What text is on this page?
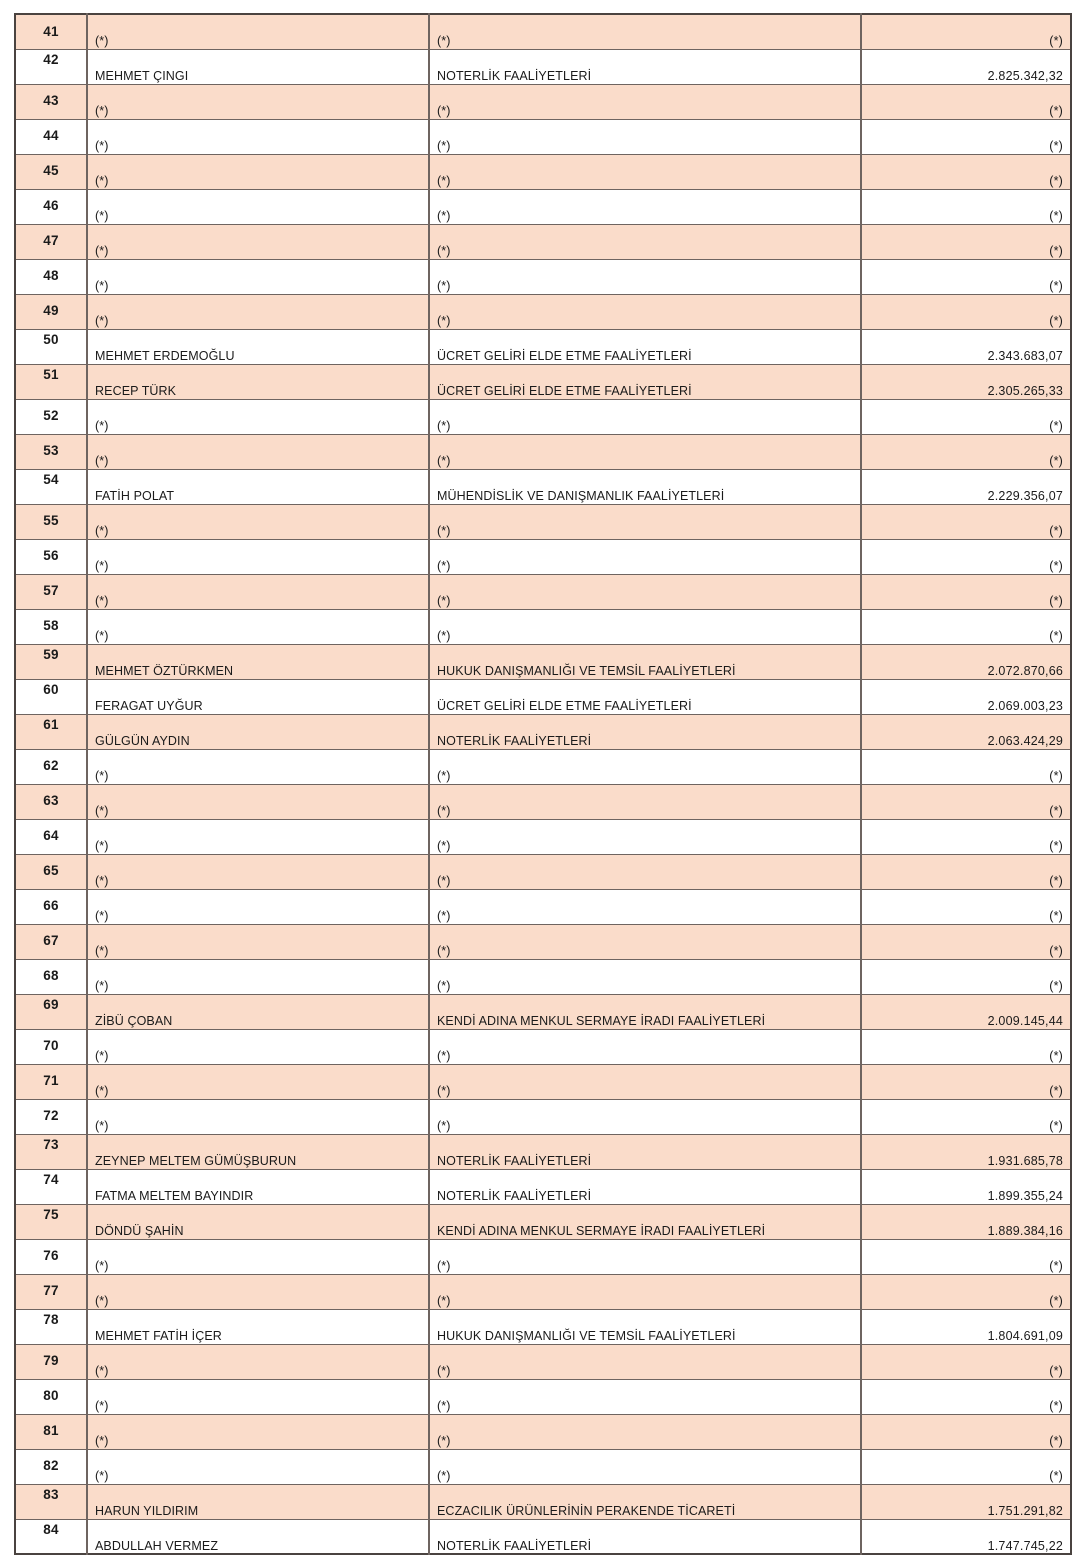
41	(*)	(*)	(*)
42	MEHMET ÇINGI	NOTERLİK FAALİYETLERİ	2.825.342,32
43	(*)	(*)	(*)
44	(*)	(*)	(*)
45	(*)	(*)	(*)
46	(*)	(*)	(*)
47	(*)	(*)	(*)
48	(*)	(*)	(*)
49	(*)	(*)	(*)
50	MEHMET ERDEMOĞLU	ÜCRET GELİRİ ELDE ETME FAALİYETLERİ	2.343.683,07
51	RECEP TÜRK	ÜCRET GELİRİ ELDE ETME FAALİYETLERİ	2.305.265,33
52	(*)	(*)	(*)
53	(*)	(*)	(*)
54	FATİH POLAT	MÜHENDİSLİK VE DANIŞMANLIK FAALİYETLERİ	2.229.356,07
55	(*)	(*)	(*)
56	(*)	(*)	(*)
57	(*)	(*)	(*)
58	(*)	(*)	(*)
59	MEHMET ÖZTÜRKMEN	HUKUK DANIŞMANLIĞI VE TEMSİL FAALİYETLERİ	2.072.870,66
60	FERAGAT UYĞUR	ÜCRET GELİRİ ELDE ETME FAALİYETLERİ	2.069.003,23
61	GÜLGÜN AYDIN	NOTERLİK FAALİYETLERİ	2.063.424,29
62	(*)	(*)	(*)
63	(*)	(*)	(*)
64	(*)	(*)	(*)
65	(*)	(*)	(*)
66	(*)	(*)	(*)
67	(*)	(*)	(*)
68	(*)	(*)	(*)
69	ZİBÜ ÇOBAN	KENDİ ADINA MENKUL SERMAYE İRADI FAALİYETLERİ	2.009.145,44
70	(*)	(*)	(*)
71	(*)	(*)	(*)
72	(*)	(*)	(*)
73	ZEYNEP MELTEM GÜMÜŞBURUN	NOTERLİK FAALİYETLERİ	1.931.685,78
74	FATMA MELTEM BAYINDIR	NOTERLİK FAALİYETLERİ	1.899.355,24
75	DÖNDÜ ŞAHİN	KENDİ ADINA MENKUL SERMAYE İRADI FAALİYETLERİ	1.889.384,16
76	(*)	(*)	(*)
77	(*)	(*)	(*)
78	MEHMET FATİH İÇER	HUKUK DANIŞMANLIĞI VE TEMSİL FAALİYETLERİ	1.804.691,09
79	(*)	(*)	(*)
80	(*)	(*)	(*)
81	(*)	(*)	(*)
82	(*)	(*)	(*)
83	HARUN YILDIRIM	ECZACILIK ÜRÜNLERİNİN PERAKENDE TİCARETİ	1.751.291,82
84	ABDULLAH VERMEZ	NOTERLİK FAALİYETLERİ	1.747.745,22
